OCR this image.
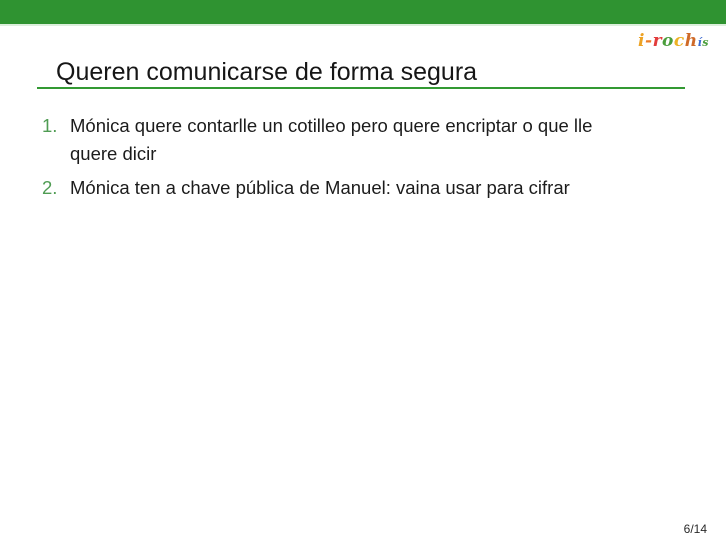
i-rochís
Queren comunicarse de forma segura
1. Mónica quere contarlle un cotilleo pero quere encriptar o que lle
quere dicir
2. Mónica ten a chave pública de Manuel: vaina usar para cifrar
6/14
